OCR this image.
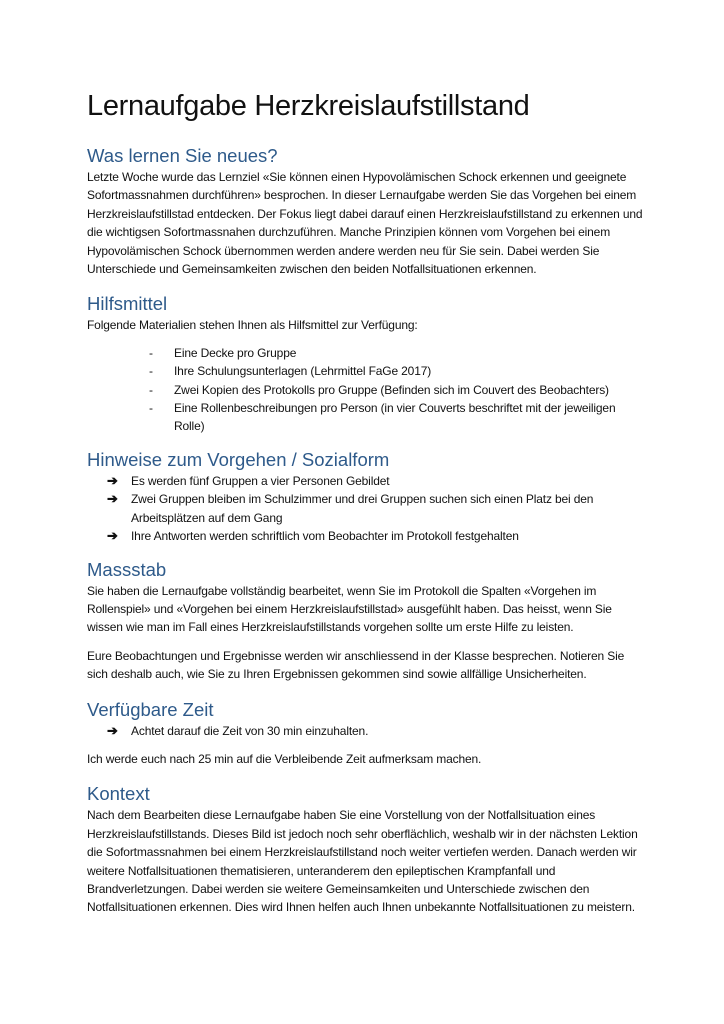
Lernaufgabe Herzkreislaufstillstand
Was lernen Sie neues?

Letzte Woche wurde das Lernziel «Sie können einen Hypovolämischen Schock erkennen und geeignete Sofortmassnahmen durchführen» besprochen. In dieser Lernaufgabe werden Sie das Vorgehen bei einem Herzkreislaufstillstad entdecken. Der Fokus liegt dabei darauf einen Herzkreislaufstillstand zu erkennen und die wichtigsen Sofortmassnahen durchzuführen. Manche Prinzipien können vom Vorgehen bei einem Hypovolämischen Schock übernommen werden andere werden neu für Sie sein. Dabei werden Sie Unterschiede und Gemeinsamkeiten zwischen den beiden Notfallsituationen erkennen.

Hilfsmittel

Folgende Materialien stehen Ihnen als Hilfsmittel zur Verfügung:

- Eine Decke pro Gruppe
- Ihre Schulungsunterlagen (Lehrmittel FaGe 2017)
- Zwei Kopien des Protokolls pro Gruppe (Befinden sich im Couvert des Beobachters)
- Eine Rollenbeschreibungen pro Person (in vier Couverts beschriftet mit der jeweiligen Rolle)
Hinweise zum Vorgehen / Sozialform
➔ Es werden fünf Gruppen a vier Personen Gebildet
➔ Zwei Gruppen bleiben im Schulzimmer und drei Gruppen suchen sich einen Platz bei den Arbeitsplätzen auf dem Gang
➔ Ihre Antworten werden schriftlich vom Beobachter im Protokoll festgehalten
Massstab

Sie haben die Lernaufgabe vollständig bearbeitet, wenn Sie im Protokoll die Spalten «Vorgehen im Rollenspiel» und «Vorgehen bei einem Herzkreislaufstillstad» ausgefühlt haben. Das heisst, wenn Sie wissen wie man im Fall eines Herzkreislaufstillstands vorgehen sollte um erste Hilfe zu leisten.

Eure Beobachtungen und Ergebnisse werden wir anschliessend in der Klasse besprechen. Notieren Sie sich deshalb auch, wie Sie zu Ihren Ergebnissen gekommen sind sowie allfällige Unsicherheiten.

Verfügbare Zeit
➔ Achtet darauf die Zeit von 30 min einzuhalten.

Ich werde euch nach 25 min auf die Verbleibende Zeit aufmerksam machen.

Kontext

Nach dem Bearbeiten diese Lernaufgabe haben Sie eine Vorstellung von der Notfallsituation eines Herzkreislaufstillstands. Dieses Bild ist jedoch noch sehr oberflächlich, weshalb wir in der nächsten Lektion die Sofortmassnahmen bei einem Herzkreislaufstillstand noch weiter vertiefen werden. Danach werden wir weitere Notfallsituationen thematisieren, unteranderem den epileptischen Krampfanfall und Brandverletzungen. Dabei werden sie weitere Gemeinsamkeiten und Unterschiede zwischen den Notfallsituationen erkennen. Dies wird Ihnen helfen auch Ihnen unbekannte Notfallsituationen zu meistern.
